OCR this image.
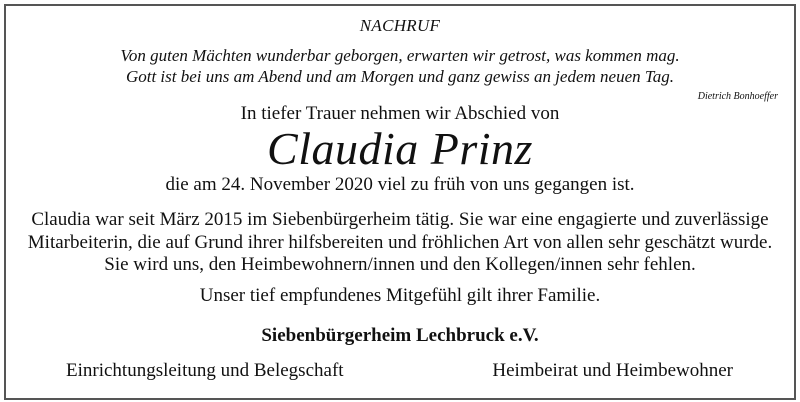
NACHRUF
Von guten Mächten wunderbar geborgen, erwarten wir getrost, was kommen mag.
Gott ist bei uns am Abend und am Morgen und ganz gewiss an jedem neuen Tag.
Dietrich Bonhoeffer
In tiefer Trauer nehmen wir Abschied von
Claudia Prinz
die am 24. November 2020 viel zu früh von uns gegangen ist.
Claudia war seit März 2015 im Siebenbürgerheim tätig. Sie war eine engagierte und zuverlässige
Mitarbeiterin, die auf Grund ihrer hilfsbereiten und fröhlichen Art von allen sehr geschätzt wurde.
Sie wird uns, den Heimbewohnern/innen und den Kollegen/innen sehr fehlen.
Unser tief empfundenes Mitgefühl gilt ihrer Familie.
Siebenbürgerheim Lechbruck e.V.
Einrichtungsleitung und Belegschaft	Heimbeirat und Heimbewohner
